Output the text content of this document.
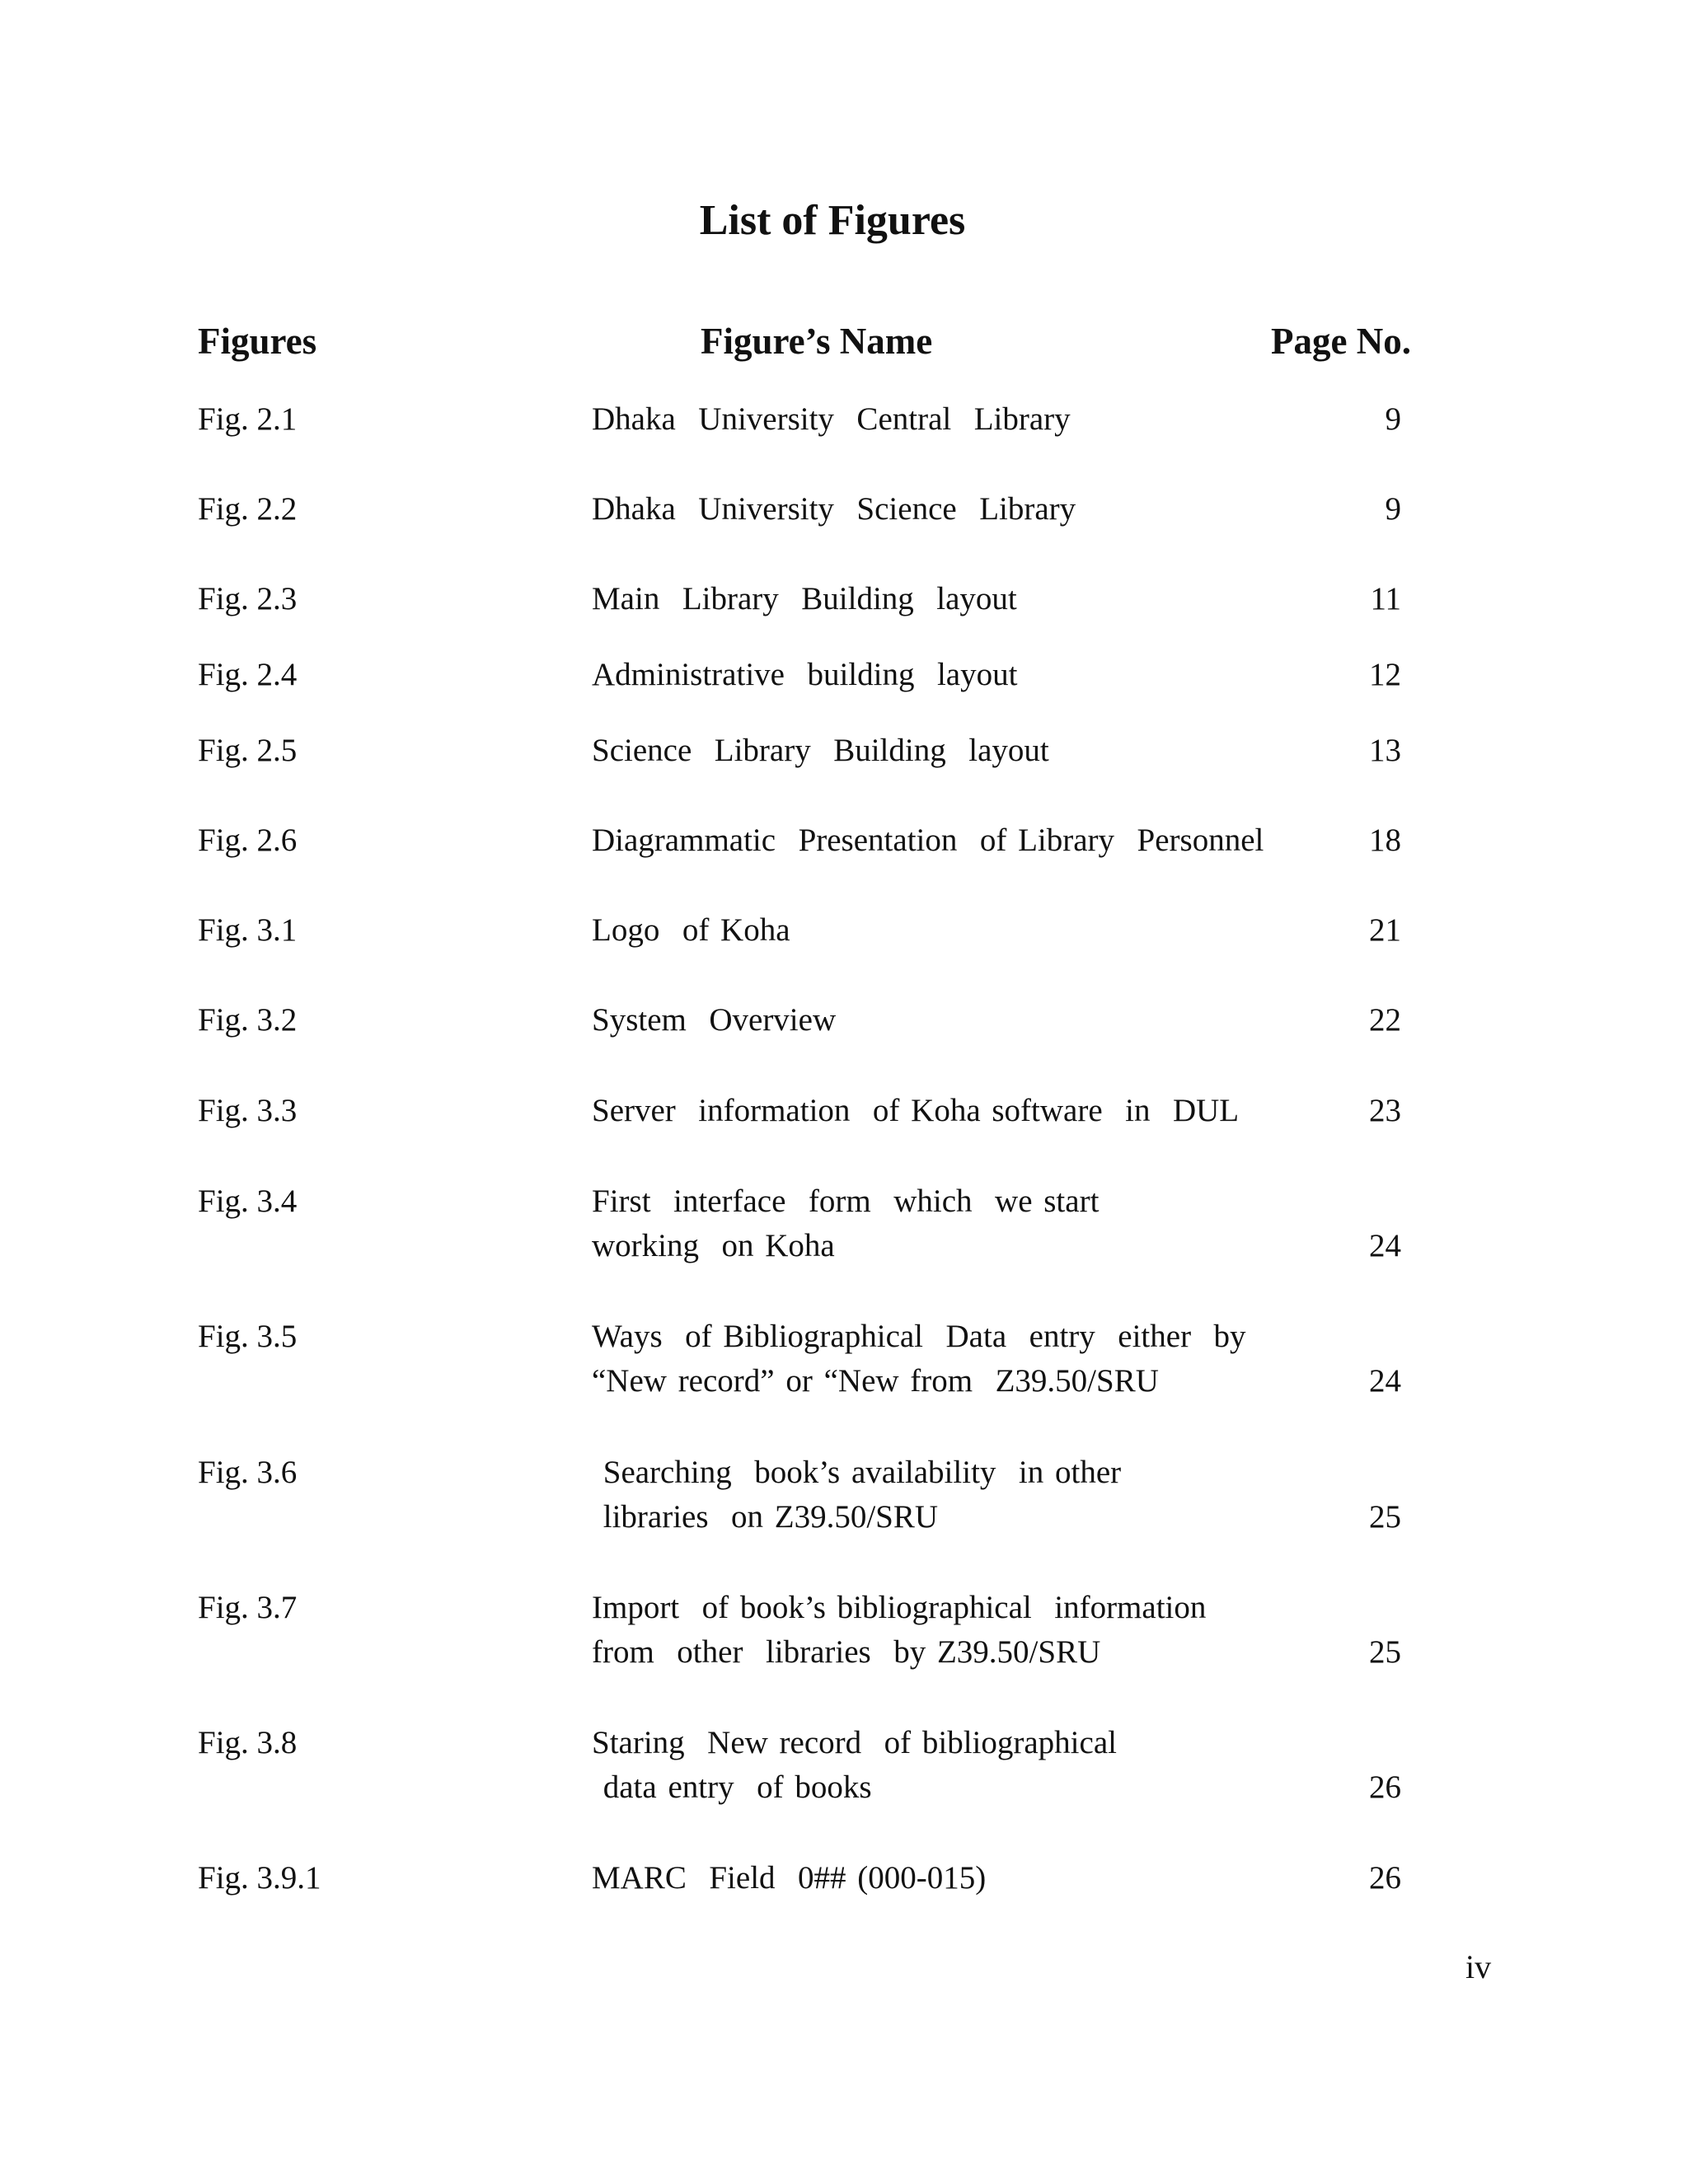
List of Figures
Figures	Figure’s Name	Page No.
Fig. 2.1	Dhaka  University  Central  Library	9
Fig. 2.2	Dhaka  University  Science  Library	9
Fig. 2.3	Main  Library  Building  layout	11
Fig. 2.4	Administrative  building  layout	12
Fig. 2.5	Science  Library  Building  layout	13
Fig. 2.6	Diagrammatic  Presentation  of Library  Personnel	18
Fig. 3.1	Logo  of Koha	21
Fig. 3.2	System  Overview	22
Fig. 3.3	Server  information  of Koha software  in  DUL	23
Fig. 3.4	First  interface  form  which  we start
working  on Koha	24
Fig. 3.5	Ways  of Bibliographical  Data  entry  either  by
“New record” or “New from  Z39.50/SRU	24
Fig. 3.6	Searching  book’s availability  in other
libraries  on Z39.50/SRU	25
Fig. 3.7	Import  of book’s bibliographical  information
from  other  libraries  by Z39.50/SRU	25
Fig. 3.8	Staring  New record  of bibliographical
data entry  of books	26
Fig. 3.9.1	MARC  Field  0## (000-015)	26
iv
